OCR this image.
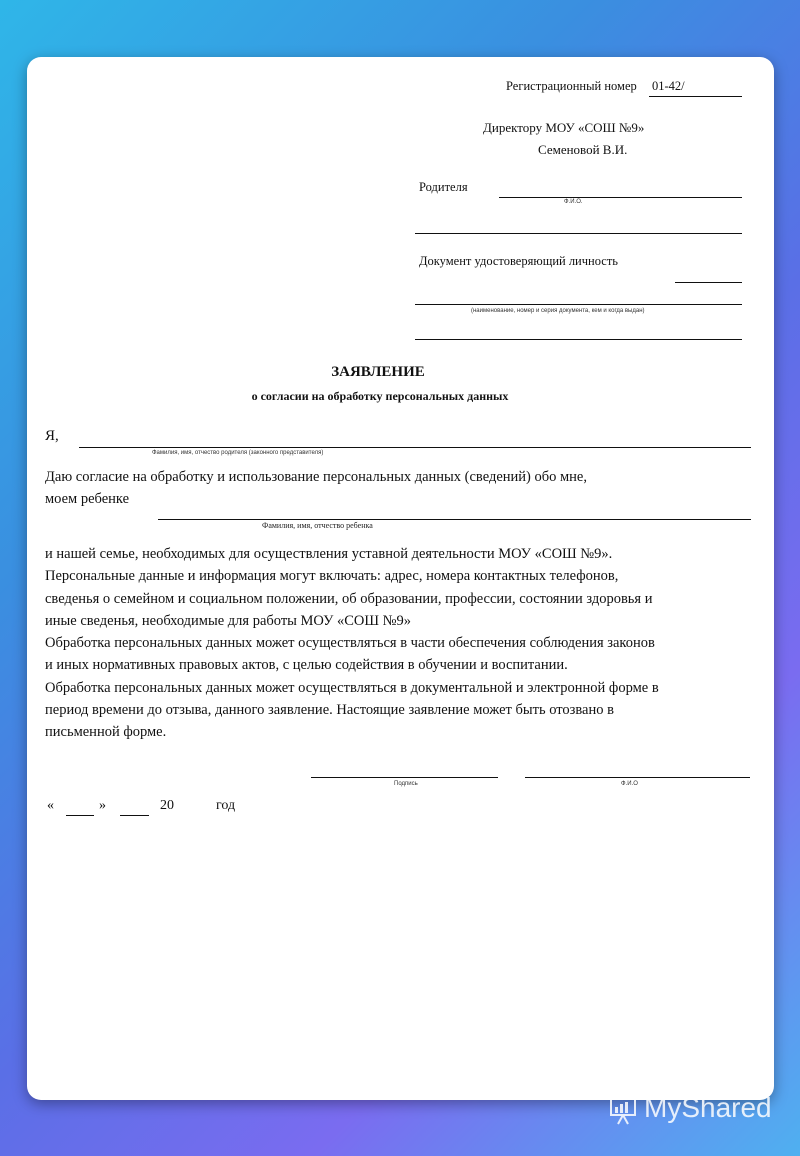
Регистрационный номер 01-42/
Директору МОУ «СОШ №9»
Семеновой В.И.
Родителя
Ф.И.О.
Документ удостоверяющий личность
(наименование, номер и серия документа, кем и когда выдан)
ЗАЯВЛЕНИЕ
о согласии на обработку персональных данных
Я,
Фамилия, имя, отчество родителя (законного представителя)
Даю согласие на обработку и использование персональных данных (сведений) обо мне,
моем ребенке
Фамилия, имя, отчество ребенка
и нашей семье, необходимых для осуществления уставной деятельности МОУ «СОШ №9».
Персональные данные и информация могут включать: адрес, номера контактных телефонов,
сведенья о семейном и социальном положении, об образовании, профессии, состоянии здоровья и
иные сведенья, необходимые для работы МОУ «СОШ №9»
Обработка персональных данных может осуществляться в части обеспечения соблюдения законов
и иных нормативных правовых актов, с целью содействия в обучении и воспитании.
Обработка персональных данных может осуществляться в документальной и электронной форме в
период времени до отзыва, данного заявление. Настоящие заявление может быть отозвано в
письменной форме.
Подпись	Ф.И.О
«	»	20	год
MyShared
